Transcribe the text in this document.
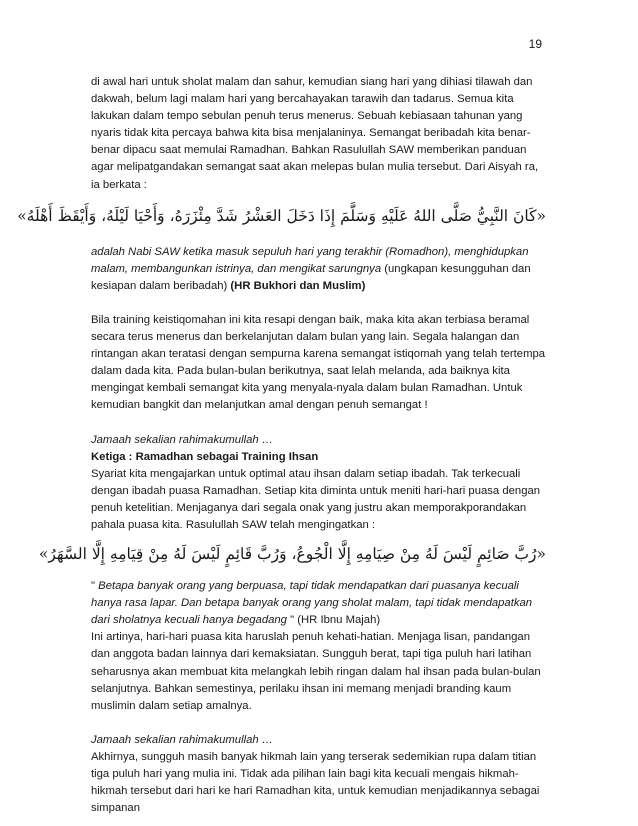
19

di awal hari untuk sholat malam dan sahur, kemudian siang hari yang dihiasi tilawah dan dakwah, belum lagi malam hari yang bercahayakan tarawih dan tadarus. Semua kita lakukan dalam tempo sebulan penuh terus menerus. Sebuah kebiasaan tahunan yang nyaris tidak kita percaya bahwa kita bisa menjalaninya. Semangat beribadah kita benar-benar dipacu saat memulai Ramadhan. Bahkan Rasulullah SAW memberikan panduan agar melipatgandakan semangat saat akan melepas bulan mulia tersebut. Dari Aisyah ra, ia berkata :

«كَانَ النَّبِيُّ صَلَّى اللهُ عَلَيْهِ وَسَلَّمَ إِذَا دَخَلَ العَشْرُ شَدَّ مِئْزَرَهُ، وَأَحْيَا لَيْلَهُ، وَأَيْقَظَ أَهْلَهُ»

adalah Nabi SAW ketika masuk sepuluh hari yang terakhir (Romadhon), menghidupkan malam, membangunkan istrinya, dan mengikat sarungnya (ungkapan kesungguhan dan kesiapan dalam beribadah) (HR Bukhori dan Muslim)

Bila training keistiqomahan ini kita resapi dengan baik, maka kita akan terbiasa beramal secara terus menerus dan berkelanjutan dalam bulan yang lain. Segala halangan dan rintangan akan teratasi dengan sempurna karena semangat istiqomah yang telah tertempa dalam dada kita. Pada bulan-bulan berikutnya, saat lelah melanda, ada baiknya kita mengingat kembali semangat kita yang menyala-nyala dalam bulan Ramadhan. Untuk kemudian bangkit dan melanjutkan amal dengan penuh semangat !

Jamaah sekalian rahimakumullah …

Ketiga : Ramadhan sebagai Training Ihsan

Syariat kita mengajarkan untuk optimal atau ihsan dalam setiap ibadah. Tak terkecuali dengan ibadah puasa Ramadhan. Setiap kita diminta untuk meniti hari-hari puasa dengan penuh ketelitian. Menjaganya dari segala onak yang justru akan memporakporandakan pahala puasa kita. Rasulullah SAW telah mengingatkan :

«رُبَّ صَائِمٍ لَيْسَ لَهُ مِنْ صِيَامِهِ إِلَّا الْجُوعُ، وَرُبَّ قَائِمٍ لَيْسَ لَهُ مِنْ قِيَامِهِ إِلَّا السَّهَرُ»

" Betapa banyak orang yang berpuasa, tapi tidak mendapatkan dari puasanya kecuali hanya rasa lapar. Dan betapa banyak orang yang sholat malam, tapi tidak mendapatkan dari sholatnya kecuali hanya begadang " (HR Ibnu Majah)

Ini artinya, hari-hari puasa kita haruslah penuh kehati-hatian. Menjaga lisan, pandangan dan anggota badan lainnya dari kemaksiatan. Sungguh berat, tapi tiga puluh hari latihan seharusnya akan membuat kita melangkah lebih ringan dalam hal ihsan pada bulan-bulan selanjutnya. Bahkan semestinya, perilaku ihsan ini memang menjadi branding kaum muslimin dalam setiap amalnya.

Jamaah sekalian rahimakumullah …

Akhirnya, sungguh masih banyak hikmah lain yang terserak sedemikian rupa dalam titian tiga puluh hari yang mulia ini. Tidak ada pilihan lain bagi kita kecuali mengais hikmah-hikmah tersebut dari hari ke hari Ramadhan kita, untuk kemudian menjadikannya sebagai simpanan
